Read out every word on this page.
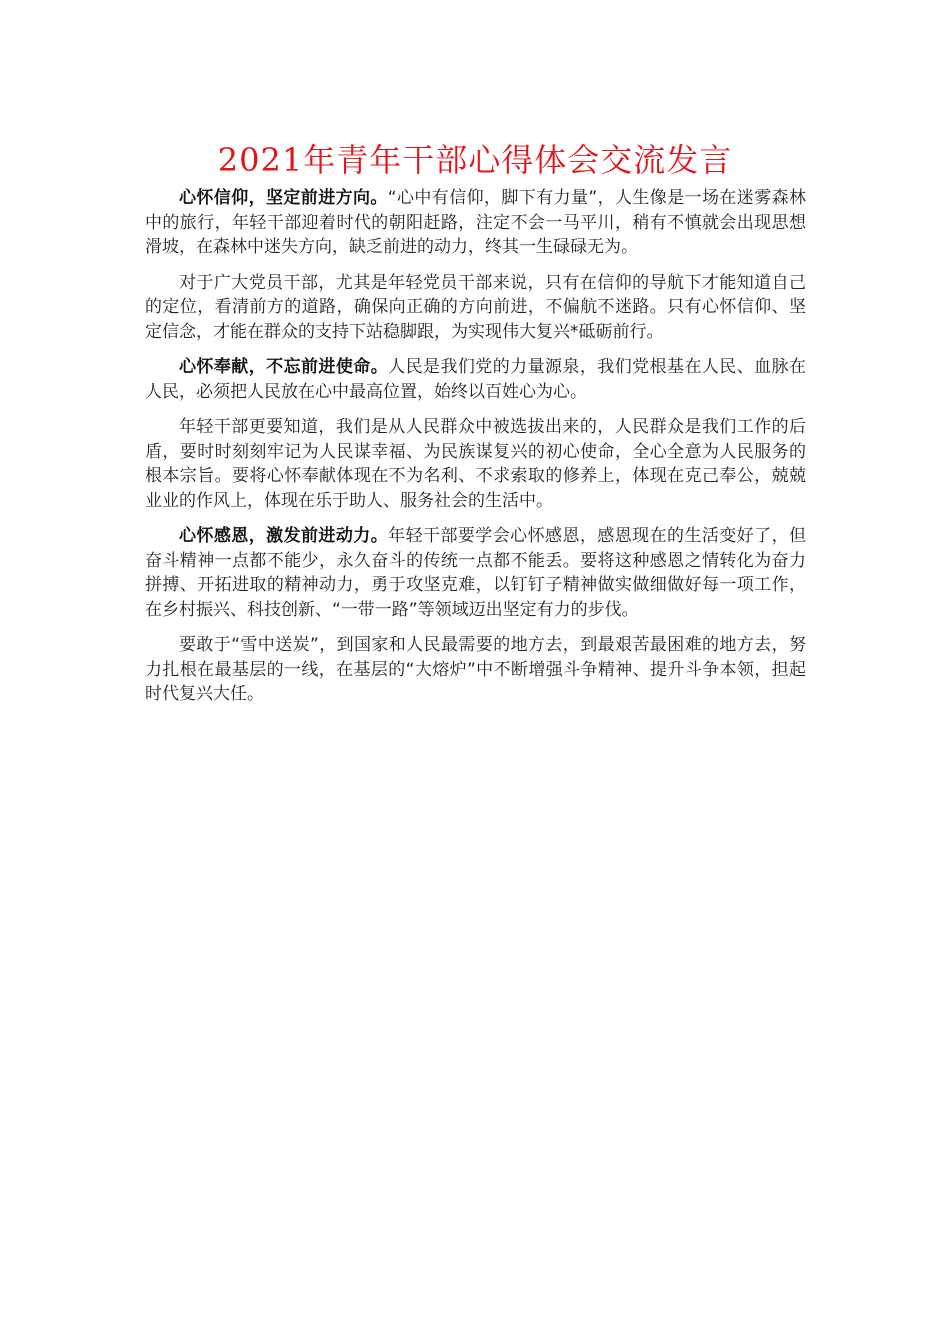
2021年青年干部心得体会交流发言

心怀信仰，坚定前进方向。“心中有信仰，脚下有力量”，人生像是一场在迷雾森林中的旅行，年轻干部迎着时代的朝阳赶路，注定不会一马平川，稍有不慎就会出现思想滑坡，在森林中迷失方向，缺乏前进的动力，终其一生碌碌无为。

对于广大党员干部，尤其是年轻党员干部来说，只有在信仰的导航下才能知道自己的定位，看清前方的道路，确保向正确的方向前进，不偏航不迷路。只有心怀信仰、坚定信念，才能在群众的支持下站稳脚跟，为实现伟大复兴*砥砺前行。

心怀奉献，不忘前进使命。人民是我们党的力量源泉，我们党根基在人民、血脉在人民，必须把人民放在心中最高位置，始终以百姓心为心。

年轻干部更要知道，我们是从人民群众中被选拔出来的，人民群众是我们工作的后盾，要时时刻刻牢记为人民谋幸福、为民族谋复兴的初心使命，全心全意为人民服务的根本宗旨。要将心怀奉献体现在不为名利、不求索取的修养上，体现在克己奉公，兢兢业业的作风上，体现在乐于助人、服务社会的生活中。

心怀感恩，激发前进动力。年轻干部要学会心怀感恩，感恩现在的生活变好了，但奋斗精神一点都不能少，永久奋斗的传统一点都不能丢。要将这种感恩之情转化为奋力拼搏、开拓进取的精神动力，勇于攻坚克难，以钉钉子精神做实做细做好每一项工作，在乡村振兴、科技创新、“一带一路”等领域迈出坚定有力的步伐。

要敢于“雪中送炭”，到国家和人民最需要的地方去，到最艰苦最困难的地方去，努力扎根在最基层的一线，在基层的“大熔炉”中不断增强斗争精神、提升斗争本领，担起时代复兴大任。
